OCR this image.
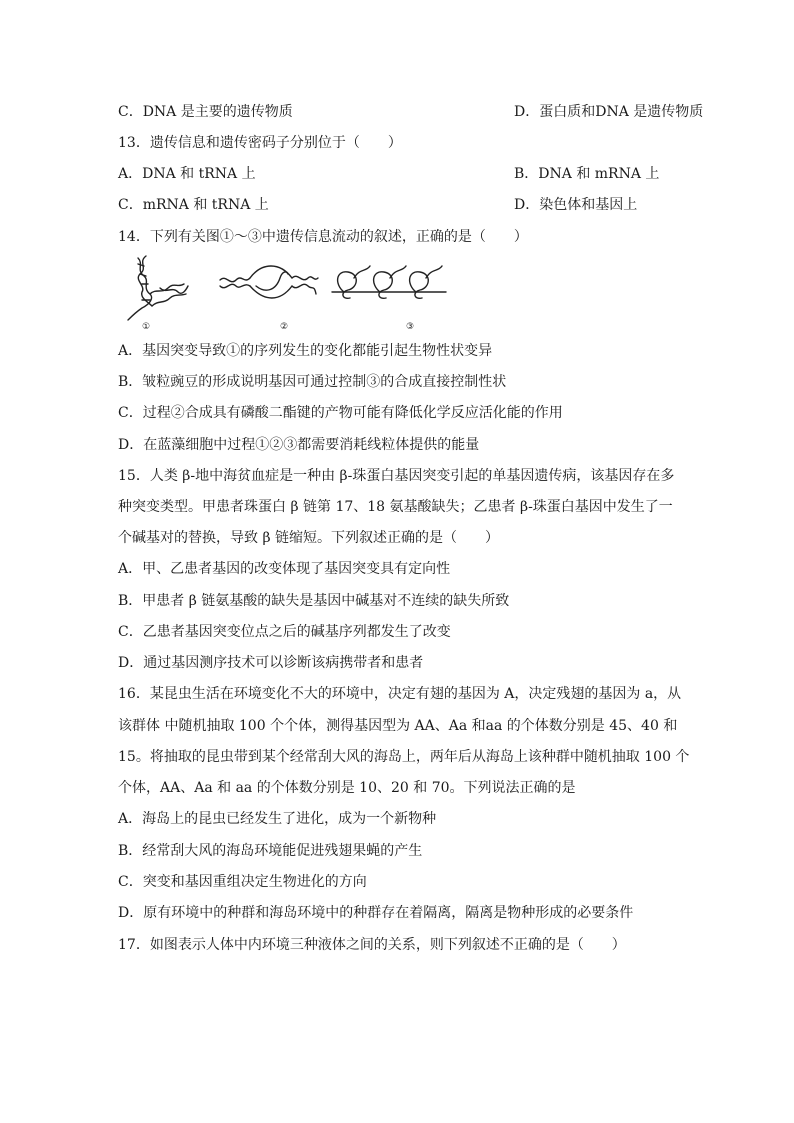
C．DNA 是主要的遗传物质	D．蛋白质和DNA 是遗传物质
13．遗传信息和遗传密码子分别位于（　　）
A．DNA 和 tRNA 上	B．DNA 和 mRNA 上
C．mRNA 和 tRNA 上	D．染色体和基因上
14．下列有关图①～③中遗传信息流动的叙述，正确的是（　　）
①	②	③
A．基因突变导致①的序列发生的变化都能引起生物性状变异
B．皱粒豌豆的形成说明基因可通过控制③的合成直接控制性状
C．过程②合成具有磷酸二酯键的产物可能有降低化学反应活化能的作用
D．在蓝藻细胞中过程①②③都需要消耗线粒体提供的能量
15．人类 β-地中海贫血症是一种由 β-珠蛋白基因突变引起的单基因遗传病，该基因存在多
种突变类型。甲患者珠蛋白 β 链第 17、18 氨基酸缺失；乙患者 β-珠蛋白基因中发生了一
个碱基对的替换，导致 β 链缩短。下列叙述正确的是（　　）
A．甲、乙患者基因的改变体现了基因突变具有定向性
B．甲患者 β 链氨基酸的缺失是基因中碱基对不连续的缺失所致
C．乙患者基因突变位点之后的碱基序列都发生了改变
D．通过基因测序技术可以诊断该病携带者和患者
16．某昆虫生活在环境变化不大的环境中，决定有翅的基因为 A，决定残翅的基因为 a，从
该群体 中随机抽取 100 个个体，测得基因型为 AA、Aa 和aa 的个体数分别是 45、40 和
15。将抽取的昆虫带到某个经常刮大风的海岛上，两年后从海岛上该种群中随机抽取 100 个
个体，AA、Aa 和 aa 的个体数分别是 10、20 和 70。下列说法正确的是
A．海岛上的昆虫已经发生了进化，成为一个新物种
B．经常刮大风的海岛环境能促进残翅果蝇的产生
C．突变和基因重组决定生物进化的方向
D．原有环境中的种群和海岛环境中的种群存在着隔离，隔离是物种形成的必要条件
17．如图表示人体中内环境三种液体之间的关系，则下列叙述不正确的是（　　）
